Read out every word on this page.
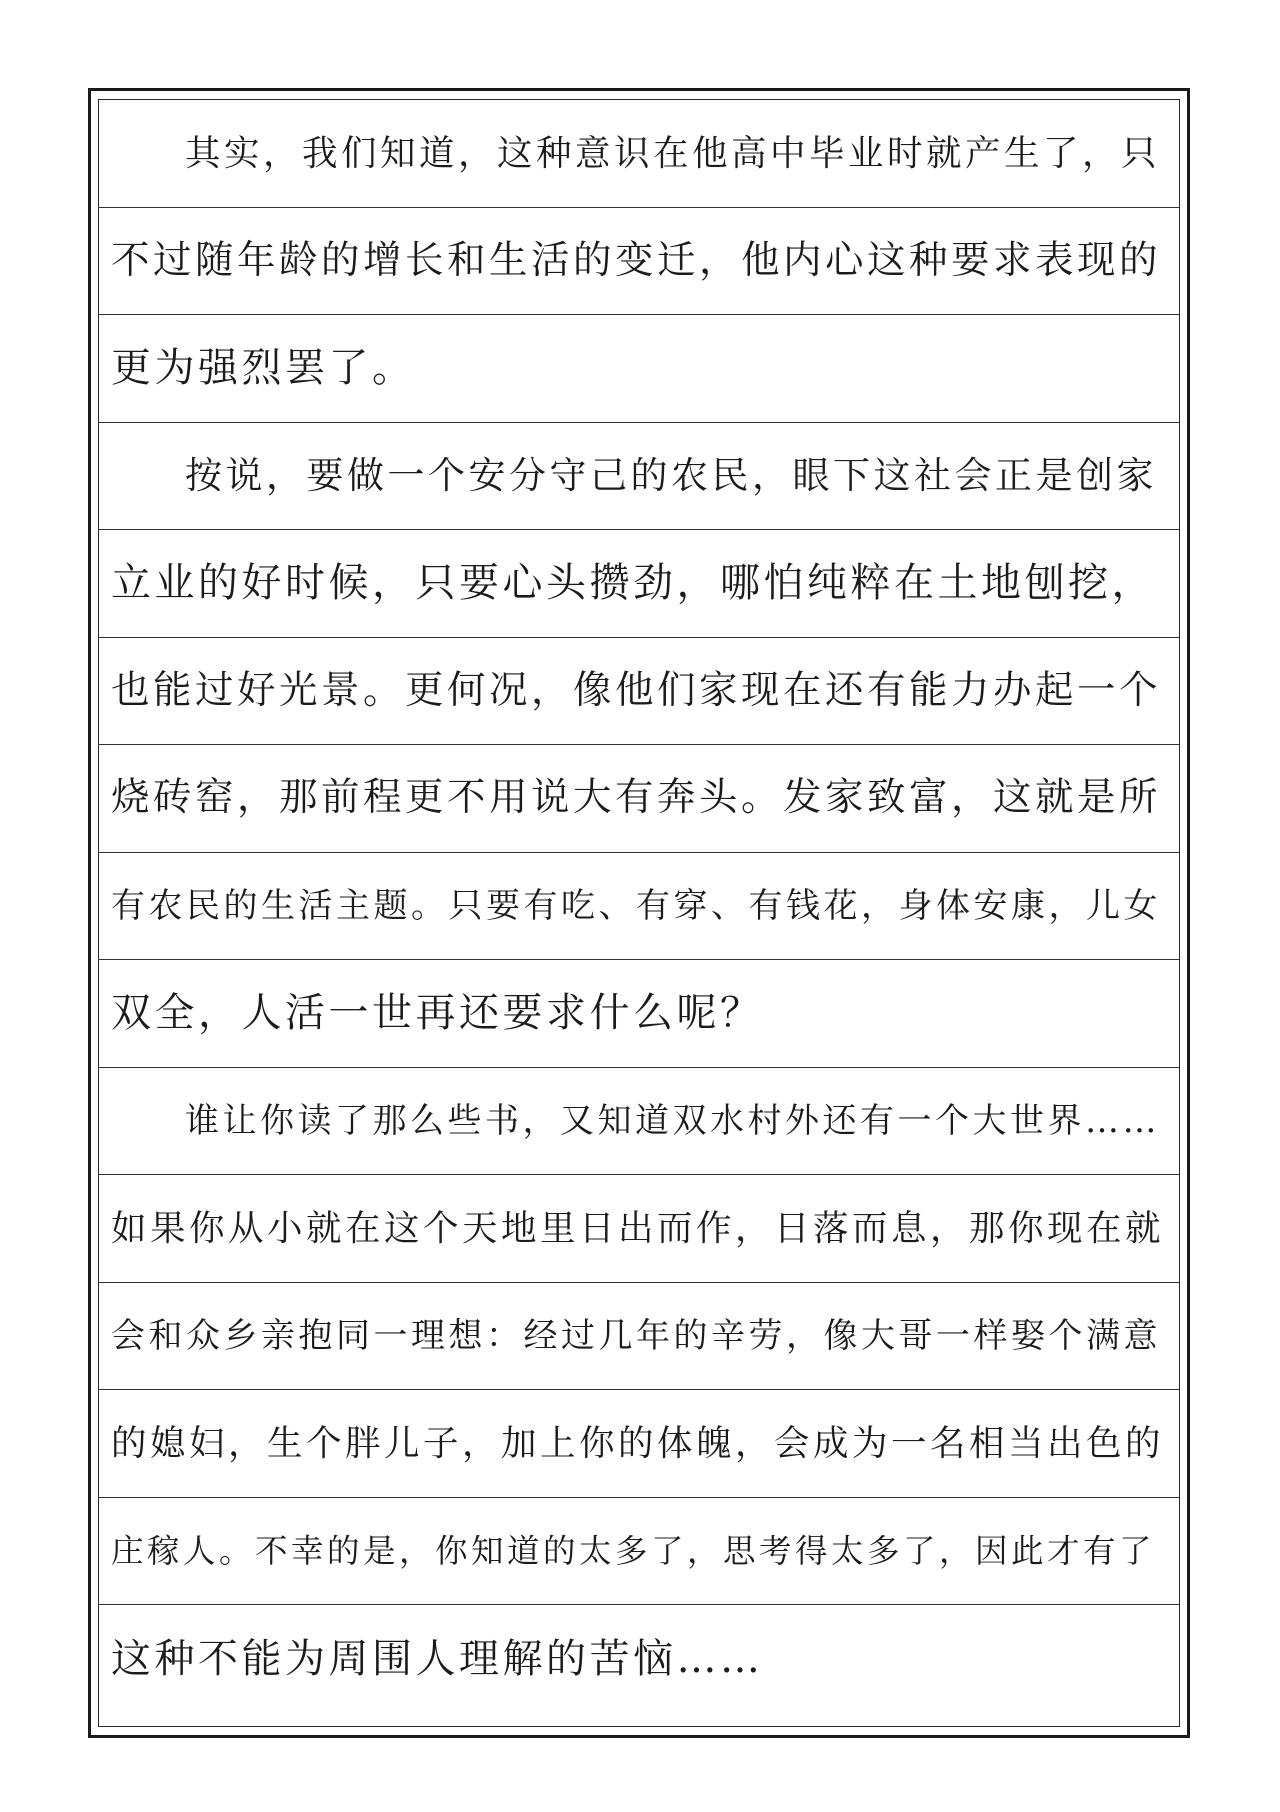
其实，我们知道，这种意识在他高中毕业时就产生了，只
不过随年龄的增长和生活的变迁，他内心这种要求表现的
更为强烈罢了。
按说，要做一个安分守己的农民，眼下这社会正是创家
立业的好时候，只要心头攒劲，哪怕纯粹在土地刨挖，
也能过好光景。更何况，像他们家现在还有能力办起一个
烧砖窑，那前程更不用说大有奔头。发家致富，这就是所
有农民的生活主题。只要有吃、有穿、有钱花，身体安康，儿女
双全，人活一世再还要求什么呢？
谁让你读了那么些书，又知道双水村外还有一个大世界……
如果你从小就在这个天地里日出而作，日落而息，那你现在就
会和众乡亲抱同一理想：经过几年的辛劳，像大哥一样娶个满意
的媳妇，生个胖儿子，加上你的体魄，会成为一名相当出色的
庄稼人。不幸的是，你知道的太多了，思考得太多了，因此才有了
这种不能为周围人理解的苦恼……
